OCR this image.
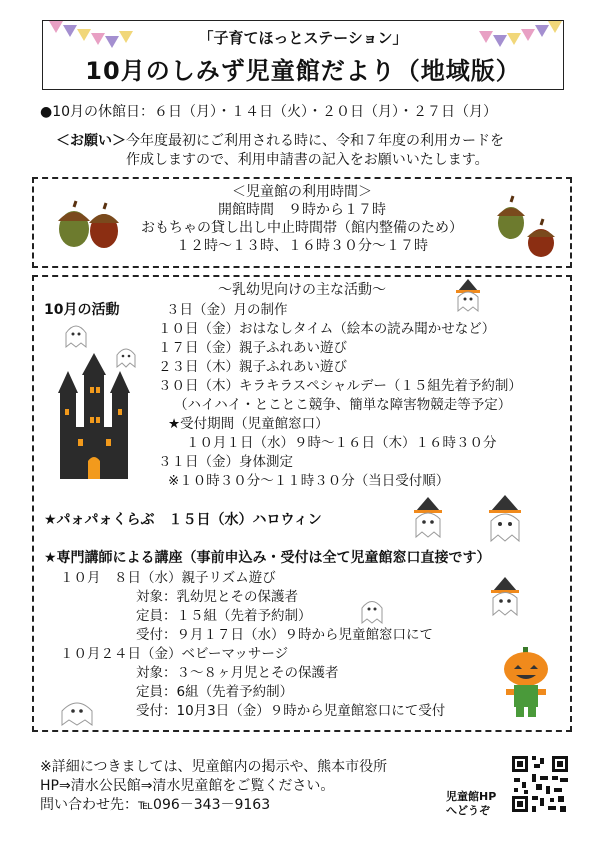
「子育てほっとステーション」
10月のしみず児童館だより（地域版）
●10月の休館日：６日（月）・１４日（火）・２０日（月）・２７日（月）
＜お願い＞今年度最初にご利用される時に、令和７年度の利用カードを
作成しますので、利用申請書の記入をお願いいたします。
＜児童館の利用時間＞
開館時間　９時から１７時
おもちゃの貸し出し中止時間帯（館内整備のため）
１２時～１３時、１６時３０分～１７時
～乳幼児向けの主な活動～
10月の活動	３日（金）月の制作
１０日（金）おはなしタイム（絵本の読み聞かせなど）
１７日（金）親子ふれあい遊び
２３日（木）親子ふれあい遊び
３０日（木）キラキラスペシャルデー（１５組先着予約制）
（ハイハイ・とことこ競争、簡単な障害物競走等予定）
★受付期間（児童館窓口）
１０月１日（水）９時～１６日（木）１６時３０分
３１日（金）身体測定
※１０時３０分～１１時３０分（当日受付順）
★パォパォくらぶ　１５日（水）ハロウィン
★専門講師による講座（事前申込み・受付は全て児童館窓口直接です）
１０月　８日（水）親子リズム遊び
対象：乳幼児とその保護者
定員：１５組（先着予約制）
受付：９月１７日（水）９時から児童館窓口にて
１０月２４日（金）ベビーマッサージ
対象：３～８ヶ月児とその保護者
定員：6組（先着予約制）
受付：10月3日（金）９時から児童館窓口にて受付
※詳細につきましては、児童館内の掲示や、熊本市役所
HP⇒清水公民館⇒清水児童館をご覧ください。
問い合わせ先：℡096－343－9163
児童館HP
へどうぞ
